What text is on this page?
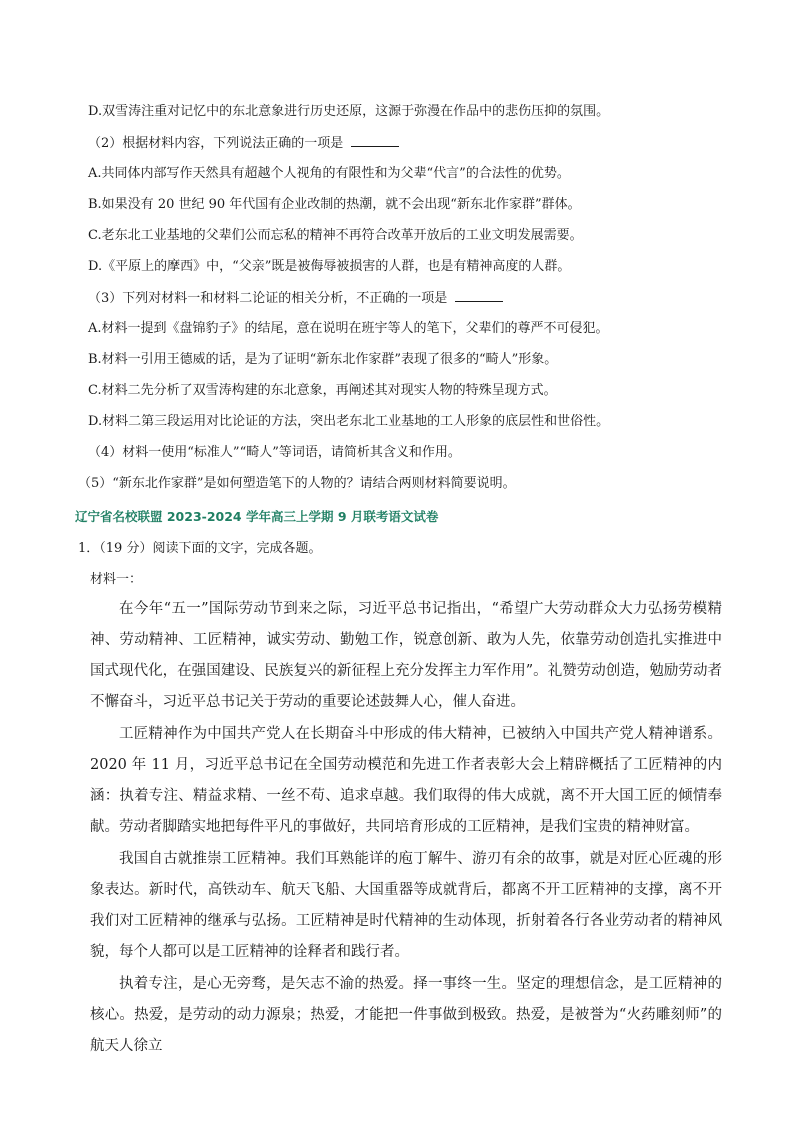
D.双雪涛注重对记忆中的东北意象进行历史还原，这源于弥漫在作品中的悲伤压抑的氛围。
（2）根据材料内容，下列说法正确的一项是
A.共同体内部写作天然具有超越个人视角的有限性和为父辈“代言”的合法性的优势。
B.如果没有 20 世纪 90 年代国有企业改制的热潮，就不会出现“新东北作家群”群体。
C.老东北工业基地的父辈们公而忘私的精神不再符合改革开放后的工业文明发展需要。
D.《平原上的摩西》中，“父亲”既是被侮辱被损害的人群，也是有精神高度的人群。
（3）下列对材料一和材料二论证的相关分析，不正确的一项是
A.材料一提到《盘锦豹子》的结尾，意在说明在班宇等人的笔下，父辈们的尊严不可侵犯。
B.材料一引用王德威的话，是为了证明“新东北作家群”表现了很多的“畸人”形象。
C.材料二先分析了双雪涛构建的东北意象，再阐述其对现实人物的特殊呈现方式。
D.材料二第三段运用对比论证的方法，突出老东北工业基地的工人形象的底层性和世俗性。
（4）材料一使用“标准人”“畸人”等词语，请简析其含义和作用。
（5）“新东北作家群”是如何塑造笔下的人物的？请结合两则材料简要说明。
辽宁省名校联盟 2023-2024 学年高三上学期 9 月联考语文试卷
1．（19 分）阅读下面的文字，完成各题。
材料一：

在今年“五一”国际劳动节到来之际，习近平总书记指出，“希望广大劳动群众大力弘扬劳模精神、劳动精神、工匠精神，诚实劳动、勤勉工作，锐意创新、敢为人先，依靠劳动创造扎实推进中国式现代化，在强国建设、民族复兴的新征程上充分发挥主力军作用”。礼赞劳动创造，勉励劳动者不懈奋斗，习近平总书记关于劳动的重要论述鼓舞人心，催人奋进。

工匠精神作为中国共产党人在长期奋斗中形成的伟大精神，已被纳入中国共产党人精神谱系。2020 年 11 月，习近平总书记在全国劳动模范和先进工作者表彰大会上精辟概括了工匠精神的内涵：执着专注、精益求精、一丝不苟、追求卓越。我们取得的伟大成就，离不开大国工匠的倾情奉献。劳动者脚踏实地把每件平凡的事做好，共同培育形成的工匠精神，是我们宝贵的精神财富。

我国自古就推崇工匠精神。我们耳熟能详的庖丁解牛、游刃有余的故事，就是对匠心匠魂的形象表达。新时代，高铁动车、航天飞船、大国重器等成就背后，都离不开工匠精神的支撑，离不开我们对工匠精神的继承与弘扬。工匠精神是时代精神的生动体现，折射着各行各业劳动者的精神风貌，每个人都可以是工匠精神的诠释者和践行者。

执着专注，是心无旁骛，是矢志不渝的热爱。择一事终一生。坚定的理想信念，是工匠精神的核心。热爱，是劳动的动力源泉；热爱，才能把一件事做到极致。热爱，是被誉为“火药雕刻师”的航天人徐立
